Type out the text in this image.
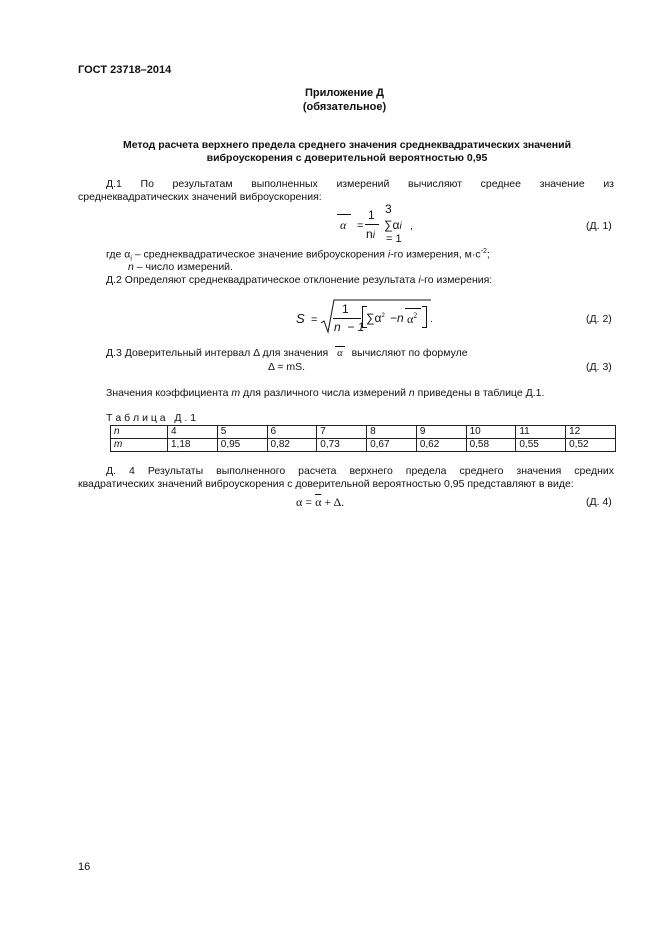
ГОСТ 23718–2014
Приложение Д
(обязательное)
Метод расчета верхнего предела среднего значения среднеквадратических значений
виброускорения с доверительной вероятностью 0,95
Д.1 По результатам выполненных измерений вычисляют среднее значение из
среднеквадратических значений виброускорения:
α =
1
ni
3
∑αi
= 1
,	(Д. 1)
где $\alpha_i$ – среднеквадратическое значение виброускорения i-го измерения, $м\cdot с^{-2}$;
n – число измерений.
Д.2 Определяют среднеквадратическое отклонение результата i-го измерения:
S =
1
n  − 1
$\sum\alpha^2 -n$ $\alpha^2$ .	(Д. 2)
Д.3 Доверительный интервал Δ для значения
α вычисляют по формуле
Δ = mS.	(Д. 3)
Значения коэффициента m для различного числа измерений n приведены в таблице Д.1.
Т а б л и ц а   Д . 1
n	4	5	6	7	8	9	10	11	12
m	1,18	0,95	0,82	0,73	0,67	0,62	0,58	0,55	0,52
Д. 4 Результаты выполненного расчета верхнего предела среднего значения средних
квадратических значений виброускорения с доверительной вероятностью 0,95 представляют в виде:
$\alpha = \overline{\alpha} + \Delta$.	(Д. 4)
16
